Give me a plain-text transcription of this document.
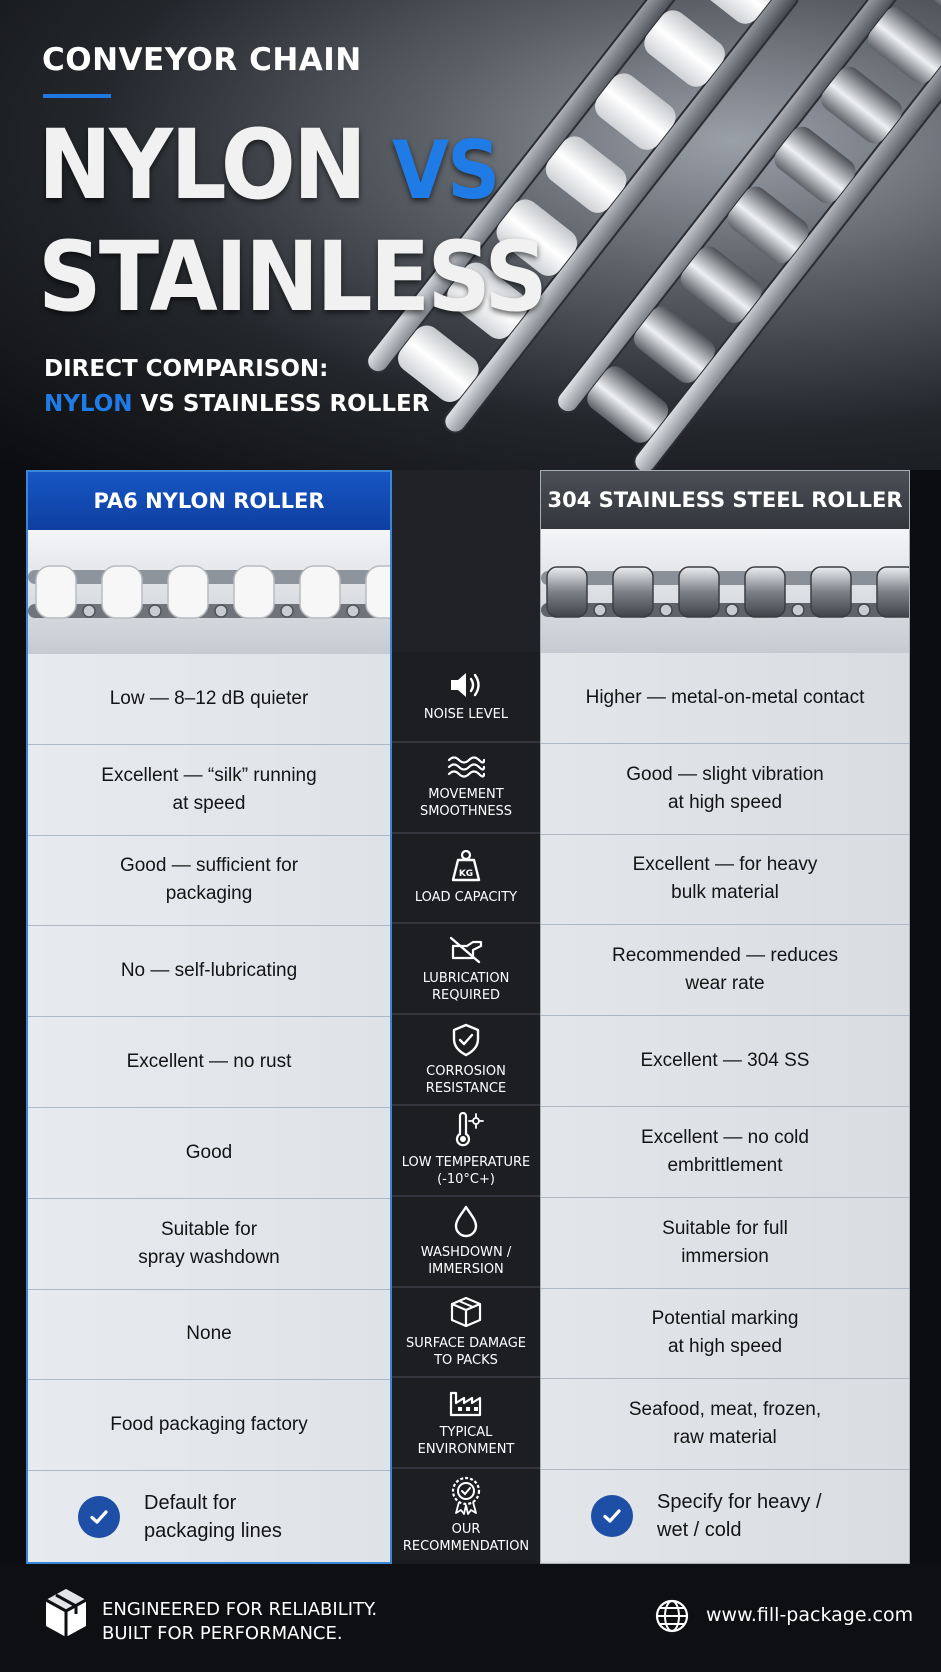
CONVEYOR CHAIN
NYLON VS
STAINLESS
DIRECT COMPARISON:
NYLON VS STAINLESS ROLLER
PA6 NYLON ROLLER
Low — 8–12 dB quieter
Excellent — “silk” running
at speed
Good — sufficient for
packaging
No — self-lubricating
Excellent — no rust
Good
Suitable for
spray washdown
None
Food packaging factory
Default for
packaging lines
NOISE LEVEL
MOVEMENT
SMOOTHNESS
KG
LOAD CAPACITY
LUBRICATION
REQUIRED
CORROSION
RESISTANCE
LOW TEMPERATURE
(-10°C+)
WASHDOWN /
IMMERSION
SURFACE DAMAGE
TO PACKS
TYPICAL
ENVIRONMENT
OUR
RECOMMENDATION
304 STAINLESS STEEL ROLLER
Higher — metal-on-metal contact
Good — slight vibration
at high speed
Excellent — for heavy
bulk material
Recommended — reduces
wear rate
Excellent — 304 SS
Excellent — no cold
embrittlement
Suitable for full
immersion
Potential marking
at high speed
Seafood, meat, frozen,
raw material
Specify for heavy /
wet / cold
ENGINEERED FOR RELIABILITY.
BUILT FOR PERFORMANCE.
www.fill-package.com
